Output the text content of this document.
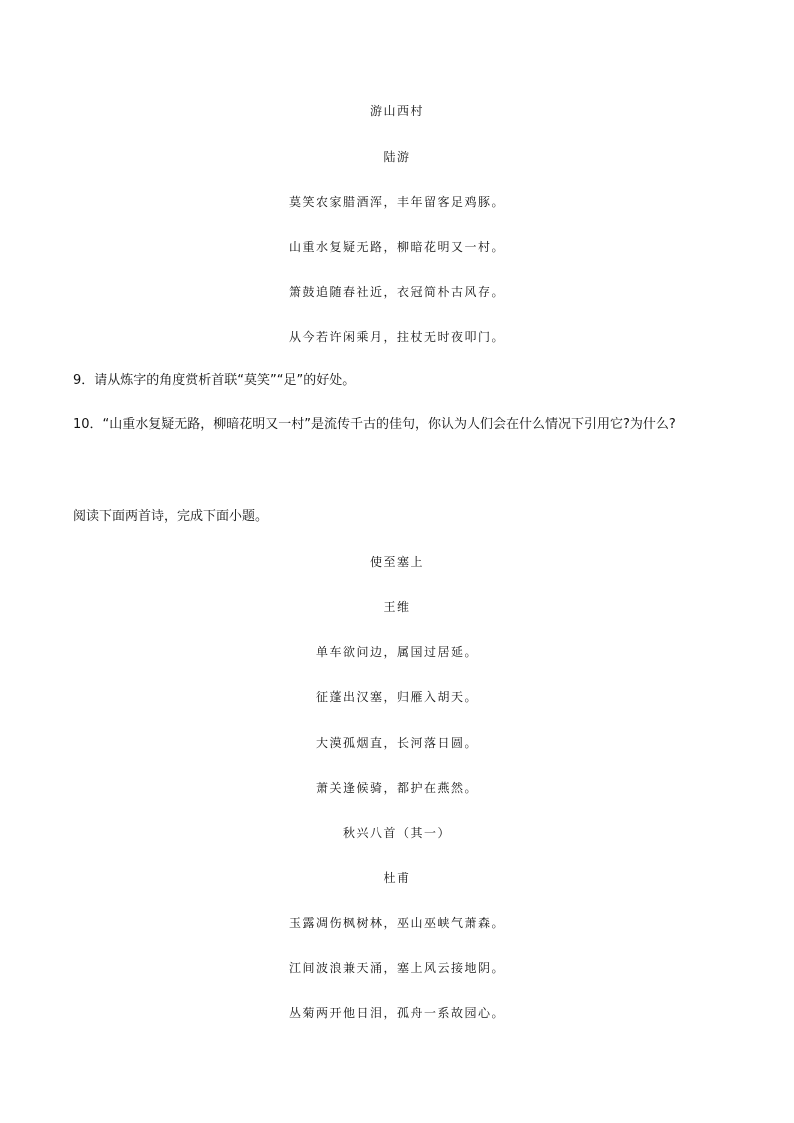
游山西村
陆游
莫笑农家腊酒浑，丰年留客足鸡豚。
山重水复疑无路，柳暗花明又一村。
箫鼓追随春社近，衣冠简朴古风存。
从今若许闲乘月，拄杖无时夜叩门。
9．请从炼字的角度赏析首联“莫笑”“足”的好处。
10．“山重水复疑无路，柳暗花明又一村”是流传千古的佳句，你认为人们会在什么情况下引用它?为什么?
阅读下面两首诗，完成下面小题。
使至塞上
王维
单车欲问边，属国过居延。
征蓬出汉塞，归雁入胡天。
大漠孤烟直，长河落日圆。
萧关逢候骑，都护在燕然。
秋兴八首（其一）
杜甫
玉露凋伤枫树林，巫山巫峡气萧森。
江间波浪兼天涌，塞上风云接地阴。
丛菊两开他日泪，孤舟一系故园心。
